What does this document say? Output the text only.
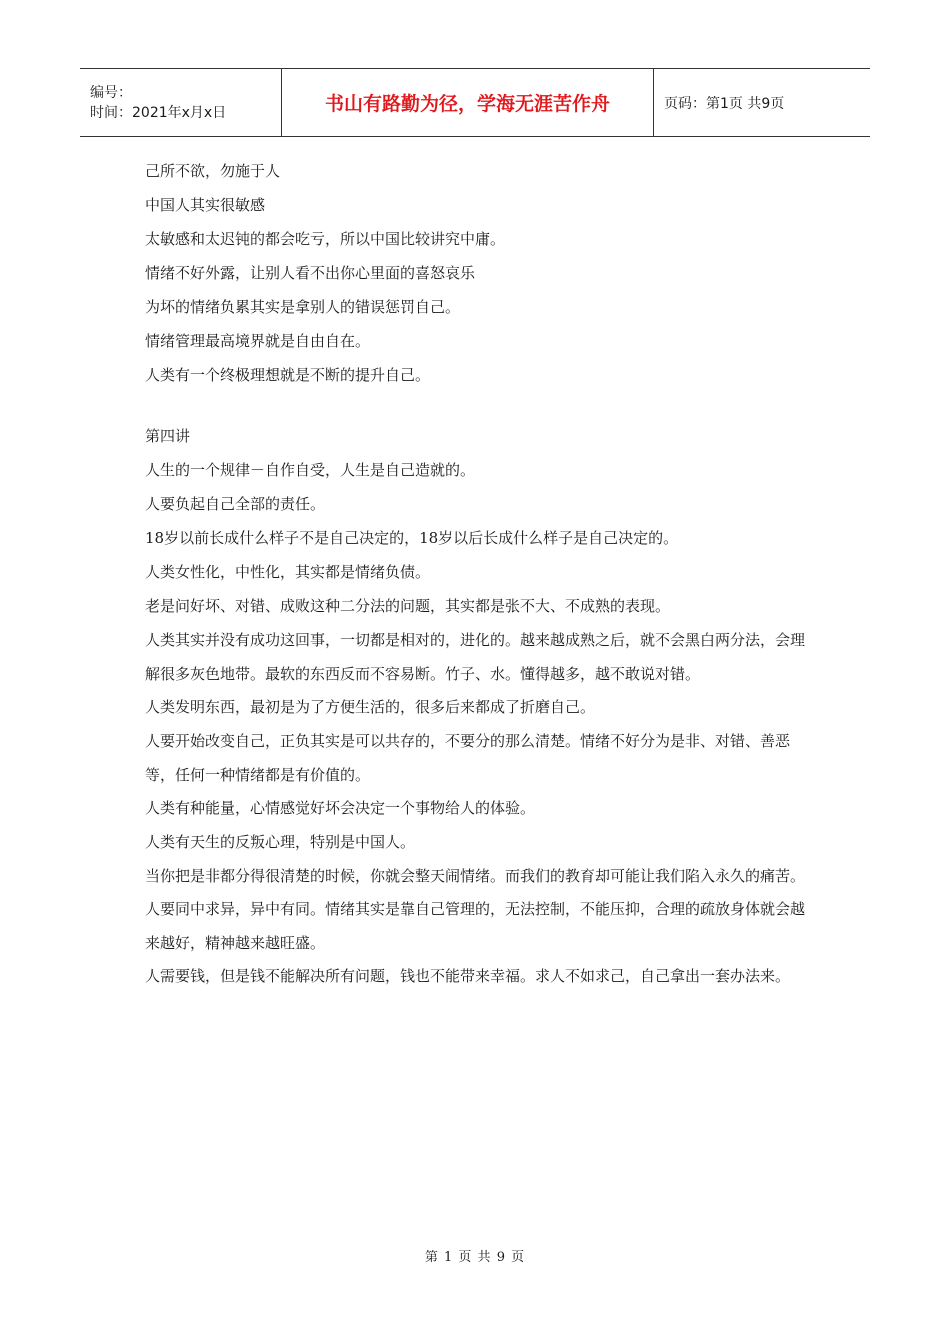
编号：
时间：2021年x月x日	书山有路勤为径，学海无涯苦作舟	页码：第1页 共9页

己所不欲，勿施于人

中国人其实很敏感

太敏感和太迟钝的都会吃亏，所以中国比较讲究中庸。

情绪不好外露，让别人看不出你心里面的喜怒哀乐

为坏的情绪负累其实是拿别人的错误惩罚自己。

情绪管理最高境界就是自由自在。

人类有一个终极理想就是不断的提升自己。

第四讲

人生的一个规律－自作自受，人生是自己造就的。

人要负起自己全部的责任。

18岁以前长成什么样子不是自己决定的，18岁以后长成什么样子是自己决定的。

人类女性化，中性化，其实都是情绪负债。

老是问好坏、对错、成败这种二分法的问题，其实都是张不大、不成熟的表现。

人类其实并没有成功这回事，一切都是相对的，进化的。越来越成熟之后，就不会黑白两分法，会理解很多灰色地带。最软的东西反而不容易断。竹子、水。懂得越多，越不敢说对错。

人类发明东西，最初是为了方便生活的，很多后来都成了折磨自己。

人要开始改变自己，正负其实是可以共存的，不要分的那么清楚。情绪不好分为是非、对错、善恶等，任何一种情绪都是有价值的。

人类有种能量，心情感觉好坏会决定一个事物给人的体验。

人类有天生的反叛心理，特别是中国人。

当你把是非都分得很清楚的时候，你就会整天闹情绪。而我们的教育却可能让我们陷入永久的痛苦。

人要同中求异，异中有同。情绪其实是靠自己管理的，无法控制，不能压抑，合理的疏放身体就会越来越好，精神越来越旺盛。

人需要钱，但是钱不能解决所有问题，钱也不能带来幸福。求人不如求己，自己拿出一套办法来。

第 1 页 共 9 页
